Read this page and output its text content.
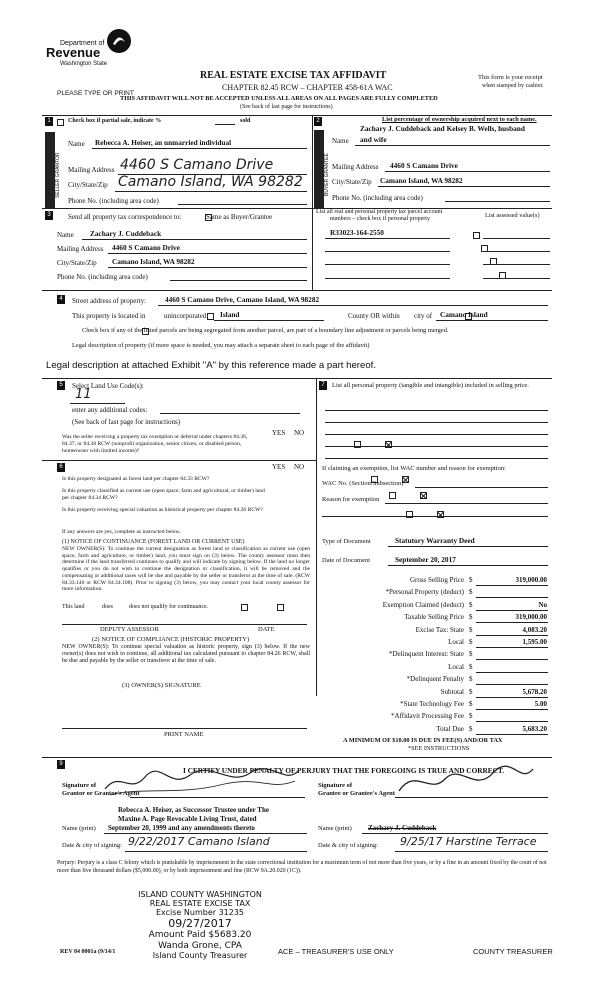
Department of
Revenue
Washington State
PLEASE TYPE OR PRINT
REAL ESTATE EXCISE TAX AFFIDAVIT
CHAPTER 82.45 RCW – CHAPTER 458-61A WAC
THIS AFFIDAVIT WILL NOT BE ACCEPTED UNLESS ALL AREAS ON ALL PAGES ARE FULLY COMPLETED
(See back of last page for instructions)
This form is your receipt
when stamped by cashier.
1
	Check box if partial sale, indicate %	sold
SELLER GRANTOR
Name Rebecca A. Heiser, an unmarried individual
Mailing Address 4460 S Camano Drive
City/State/Zip Camano Island, WA 98282
Phone No. (including area code)
2	List percentage of ownership acquired next to each name.
BUYER GRANTEE
Zachary J. Cuddeback and Kelsey B. Wells, husband
Name and wife
Mailing Address 4460 S Camano Drive
City/State/Zip Camano Island, WA 98282
Phone No. (including area code)
3	Send all property tax correspondence to:
	Same as Buyer/Grantee
Name Zachary J. Cuddeback
Mailing Address 4460 S Camano Drive
City/State/Zip Camano Island, WA 98282
Phone No. (including area code)
List all real and personal property tax parcel account
numbers – check box if personal property	List assessed value(s)
R33023-164-2550

4	Street address of property:	4460 S Camano Drive, Camano Island, WA 98282
This property is located in
	unincorporated Island	County OR within
city of Camano Island

Check box if any of the listed parcels are being segregated from another parcel, are part of a boundary line adjustment or parcels being merged.
Legal description of property (if more space is needed, you may attach a separate sheet to each page of the affidavit)
Legal description at attached Exhibit "A" by this reference made a part hereof.
5	Select Land Use Code(s):
11
enter any additional codes:
(See back of last page for instructions)
YES NO
Was the seller receiving a property tax exemption or deferral under chapters 84.36, 84.37, or 84.38 RCW (nonprofit organization, senior citizen, or disabled person, homeowner with limited income)?

6	YES NO
Is this property designated as forest land per chapter 84.33 RCW?

Is this property classified as current use (open space, farm and agricultural, or timber) land per chapter 84.34 RCW?

Is this property receiving special valuation as historical property per chapter 84.26 RCW?

If any answers are yes, complete as instructed below.
(1) NOTICE OF CONTINUANCE (FOREST LAND OR CURRENT USE)
NEW OWNER(S): To continue the current designation as forest land or classification as current use (open space, farm and agriculture, or timber) land, you must sign on (3) below. The county assessor must then determine if the land transferred continues to qualify and will indicate by signing below. If the land no longer qualifies or you do not wish to continue the designation or classification, it will be removed and the compensating or additional taxes will be due and payable by the seller or transferor at the time of sale. (RCW 84.33.140 or RCW 84.34.108). Prior to signing (3) below, you may contact your local county assessor for more information.
This land
	does	does not qualify for continuance.
DEPUTY ASSESSOR	DATE
(2) NOTICE OF COMPLIANCE (HISTORIC PROPERTY)
NEW OWNER(S): To continue special valuation as historic property, sign (3) below. If the new owner(s) does not wish to continue, all additional tax calculated pursuant to chapter 84.26 RCW, shall be due and payable by the seller or transferor at the time of sale.
(3) OWNER(S) SIGNATURE
PRINT NAME
7	List all personal property (tangible and intangible) included in selling price.
If claiming an exemption, list WAC number and reason for exemption:
WAC No. (Section/Subsection)
Reason for exemption
Type of Document	Statutory Warranty Deed
Date of Document	September 20, 2017
Gross Selling Price $	319,000.00
*Personal Property (deduct) $
Exemption Claimed (deduct) $	No
Taxable Selling Price $	319,000.00
Excise Tax: State $	4,083.20
Local $	1,595.00
*Delinquent Interest: State $
Local $
*Delinquent Penalty $
Subtotal $	5,678.20
*State Technology Fee $	5.00
*Affidavit Processing Fee $
Total Due $	5,683.20
A MINIMUM OF $10.00 IS DUE IN FEE(S) AND/OR TAX
*SEE INSTRUCTIONS
9
I CERTIFY UNDER PENALTY OF PERJURY THAT THE FOREGOING IS TRUE AND CORRECT.
Signature of
Grantor or Grantor's Agent
Signature of
Grantee or Grantee's Agent
Rebecca A. Heiser, as Successor Trustee under The
Maxine A. Page Revocable Living Trust, dated
Name (print) September 20, 1999 and any amendments thereto	Name (print) Zachary J. Cuddeback
Date & city of signing: 9/22/2017 Camano Island	Date & city of signing: 9/25/17 Harstine Terrace
Perjury: Perjury is a class C felony which is punishable by imprisonment in the state correctional institution for a maximum term of not more than five years, or by a fine in an amount fixed by the court of not more than five thousand dollars ($5,000.00), or by both imprisonment and fine (RCW 9A.20.020 (1C)).
ISLAND COUNTY WASHINGTON
REAL ESTATE EXCISE TAX
Excise Number 31235
09/27/2017
Amount Paid $5683.20
Wanda Grone, CPA
Island County Treasurer
REV 84 0001a (9/14/1	ACE – TREASURER'S USE ONLY	COUNTY TREASURER
